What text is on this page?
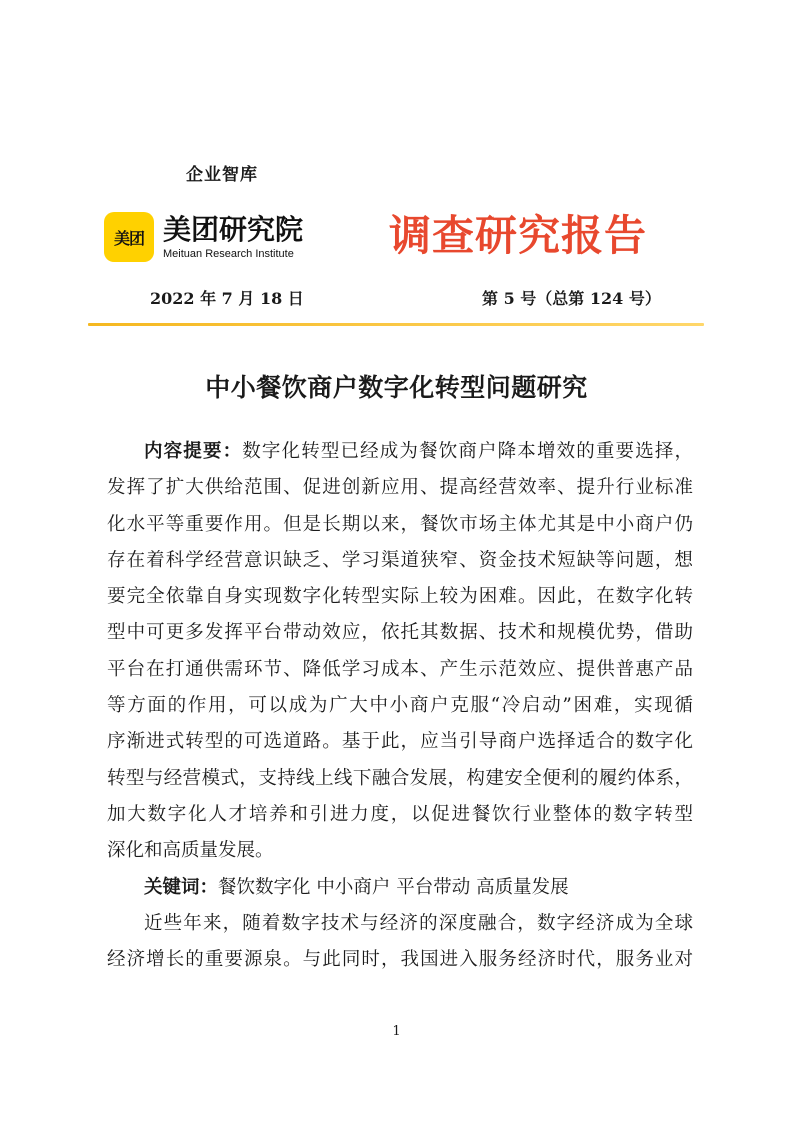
企业智库
美团 美团研究院
Meituan Research Institute 调查研究报告
2022 年 7 月 18 日	第 5 号（总第 124 号）
中小餐饮商户数字化转型问题研究
内容提要：数字化转型已经成为餐饮商户降本增效的重要选择，
发挥了扩大供给范围、促进创新应用、提高经营效率、提升行业标准
化水平等重要作用。但是长期以来，餐饮市场主体尤其是中小商户仍
存在着科学经营意识缺乏、学习渠道狭窄、资金技术短缺等问题，想
要完全依靠自身实现数字化转型实际上较为困难。因此，在数字化转
型中可更多发挥平台带动效应，依托其数据、技术和规模优势，借助
平台在打通供需环节、降低学习成本、产生示范效应、提供普惠产品
等方面的作用，可以成为广大中小商户克服“冷启动”困难，实现循
序渐进式转型的可选道路。基于此，应当引导商户选择适合的数字化
转型与经营模式，支持线上线下融合发展，构建安全便利的履约体系，
加大数字化人才培养和引进力度，以促进餐饮行业整体的数字转型
深化和高质量发展。
关键词：餐饮数字化 中小商户 平台带动 高质量发展
近些年来，随着数字技术与经济的深度融合，数字经济成为全球
经济增长的重要源泉。与此同时，我国进入服务经济时代，服务业对
1
